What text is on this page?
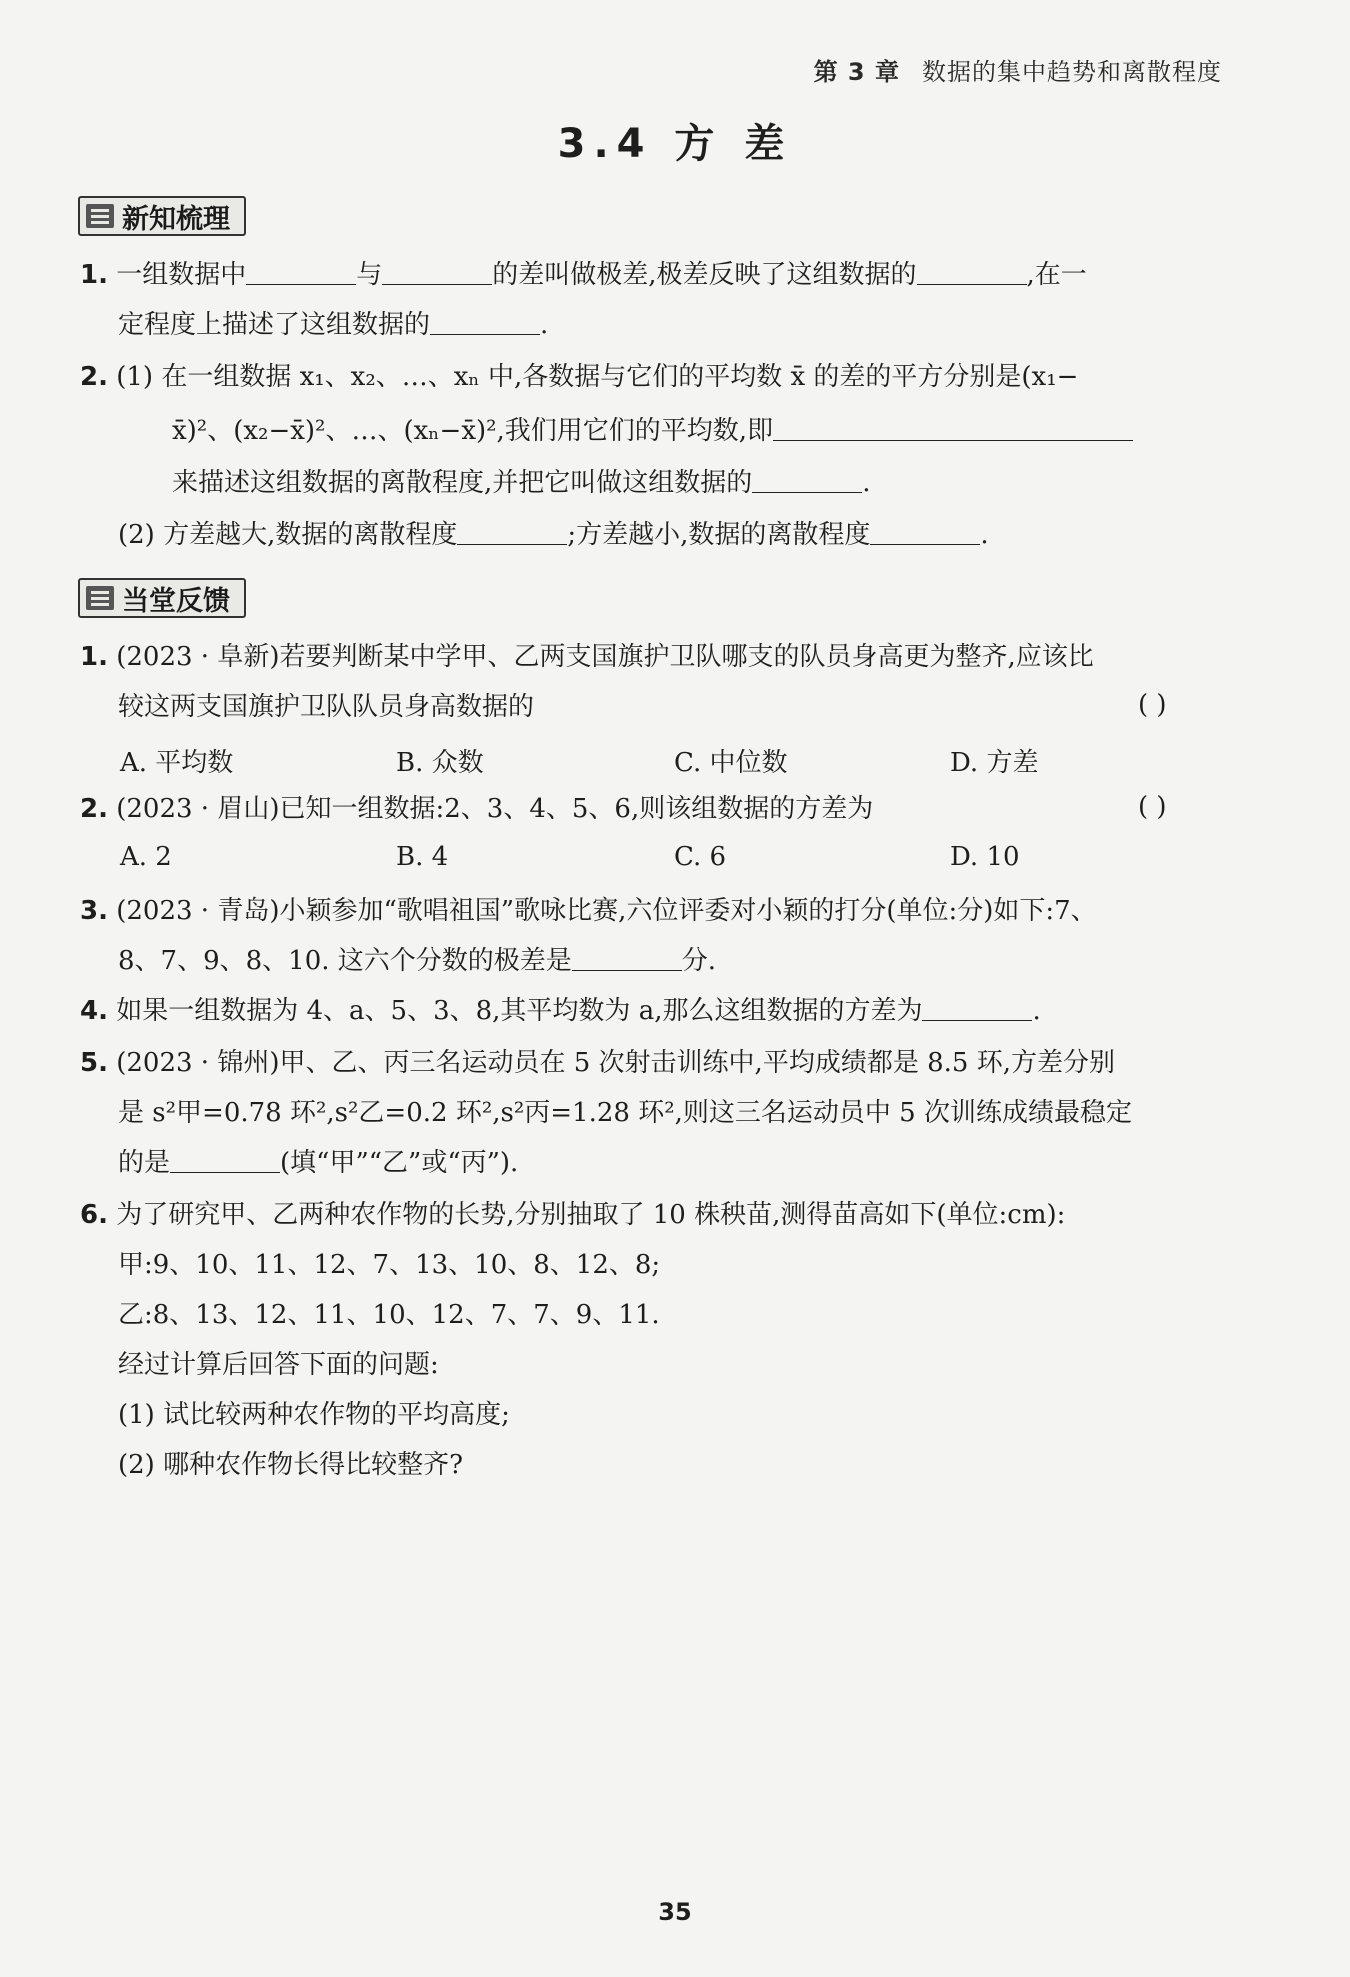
第 3 章 数据的集中趋势和离散程度
3.4 方 差
新知梳理
1. 一组数据中	与	的差叫做极差,极差反映了这组数据的	,在一
定程度上描述了这组数据的	.
2. (1) 在一组数据 x₁、x₂、…、xₙ 中,各数据与它们的平均数 x̄ 的差的平方分别是(x₁−
x̄)²、(x₂−x̄)²、…、(xₙ−x̄)²,我们用它们的平均数,即
来描述这组数据的离散程度,并把它叫做这组数据的	.
(2) 方差越大,数据的离散程度	;方差越小,数据的离散程度	.
当堂反馈
1. (2023 · 阜新)若要判断某中学甲、乙两支国旗护卫队哪支的队员身高更为整齐,应该比
较这两支国旗护卫队队员身高数据的	( )
A. 平均数	B. 众数	C. 中位数	D. 方差
2. (2023 · 眉山)已知一组数据:2、3、4、5、6,则该组数据的方差为	( )
A. 2	B. 4	C. 6	D. 10
3. (2023 · 青岛)小颖参加“歌唱祖国”歌咏比赛,六位评委对小颖的打分(单位:分)如下:7、
8、7、9、8、10. 这六个分数的极差是	分.
4. 如果一组数据为 4、a、5、3、8,其平均数为 a,那么这组数据的方差为	.
5. (2023 · 锦州)甲、乙、丙三名运动员在 5 次射击训练中,平均成绩都是 8.5 环,方差分别
是 s²甲=0.78 环²,s²乙=0.2 环²,s²丙=1.28 环²,则这三名运动员中 5 次训练成绩最稳定
的是	(填“甲”“乙”或“丙”).
6. 为了研究甲、乙两种农作物的长势,分别抽取了 10 株秧苗,测得苗高如下(单位:cm):
甲:9、10、11、12、7、13、10、8、12、8;
乙:8、13、12、11、10、12、7、7、9、11.
经过计算后回答下面的问题:
(1) 试比较两种农作物的平均高度;
(2) 哪种农作物长得比较整齐?
35
